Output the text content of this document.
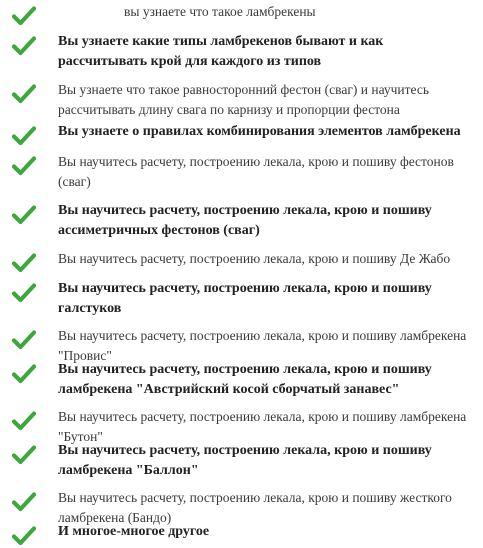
вы узнаете что такое ламбрекены
Вы узнаете какие типы ламбрекенов бывают и как
рассчитывать крой для каждого из типов
Вы узнаете что такое равносторонний фестон (сваг) и научитесь
рассчитывать длину свага по карнизу и пропорции фестона
Вы узнаете о правилах комбинирования элементов ламбрекена
Вы научитесь расчету, построению лекала, крою и пошиву фестонов
(сваг)
Вы научитесь расчету, построению лекала, крою и пошиву
ассиметричных фестонов (сваг)
Вы научитесь расчету, построению лекала, крою и пошиву Де Жабо
Вы научитесь расчету, построению лекала, крою и пошиву
галстуков
Вы научитесь расчету, построению лекала, крою и пошиву ламбрекена
"Провис"
Вы научитесь расчету, построению лекала, крою и пошиву
ламбрекена "Австрийский косой сборчатый занавес"
Вы научитесь расчету, построению лекала, крою и пошиву ламбрекена
"Бутон"
Вы научитесь расчету, построению лекала, крою и пошиву
ламбрекена "Баллон"
Вы научитесь расчету, построению лекала, крою и пошиву жесткого
ламбрекена (Бандо)
И многое-многое другое
